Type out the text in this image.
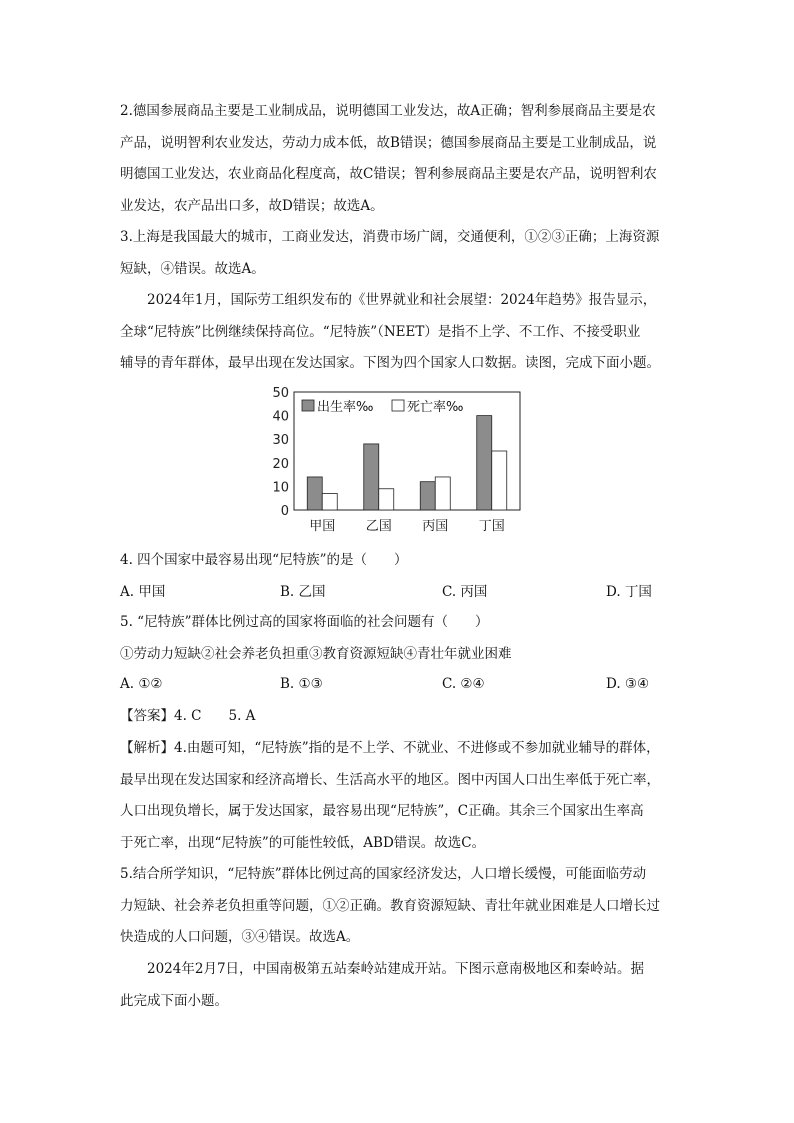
2.德国参展商品主要是工业制成品，说明德国工业发达，故A正确；智利参展商品主要是农
产品，说明智利农业发达，劳动力成本低，故B错误；德国参展商品主要是工业制成品，说
明德国工业发达，农业商品化程度高，故C错误；智利参展商品主要是农产品，说明智利农
业发达，农产品出口多，故D错误；故选A。
3.上海是我国最大的城市，工商业发达，消费市场广阔，交通便利，①②③正确；上海资源
短缺，④错误。故选A。
2024年1月，国际劳工组织发布的《世界就业和社会展望：2024年趋势》报告显示，
全球“尼特族”比例继续保持高位。“尼特族”（NEET）是指不上学、不工作、不接受职业
辅导的青年群体，最早出现在发达国家。下图为四个国家人口数据。读图，完成下面小题。
0
10
20
30
40
50
甲国 乙国 丙国 丁国
出生率‰	死亡率‰
4. 四个国家中最容易出现“尼特族”的是（　　）
A. 甲国	B. 乙国	C. 丙国	D. 丁国
5. “尼特族”群体比例过高的国家将面临的社会问题有（　　）
①劳动力短缺②社会养老负担重③教育资源短缺④青壮年就业困难
A. ①②	B. ①③	C. ②④	D. ③④
【答案】4. C　　5. A
【解析】4.由题可知，“尼特族”指的是不上学、不就业、不进修或不参加就业辅导的群体，
最早出现在发达国家和经济高增长、生活高水平的地区。图中丙国人口出生率低于死亡率，
人口出现负增长，属于发达国家，最容易出现“尼特族”，C正确。其余三个国家出生率高
于死亡率，出现“尼特族”的可能性较低，ABD错误。故选C。
5.结合所学知识，“尼特族”群体比例过高的国家经济发达，人口增长缓慢，可能面临劳动
力短缺、社会养老负担重等问题，①②正确。教育资源短缺、青壮年就业困难是人口增长过
快造成的人口问题，③④错误。故选A。
2024年2月7日，中国南极第五站秦岭站建成开站。下图示意南极地区和秦岭站。据
此完成下面小题。
